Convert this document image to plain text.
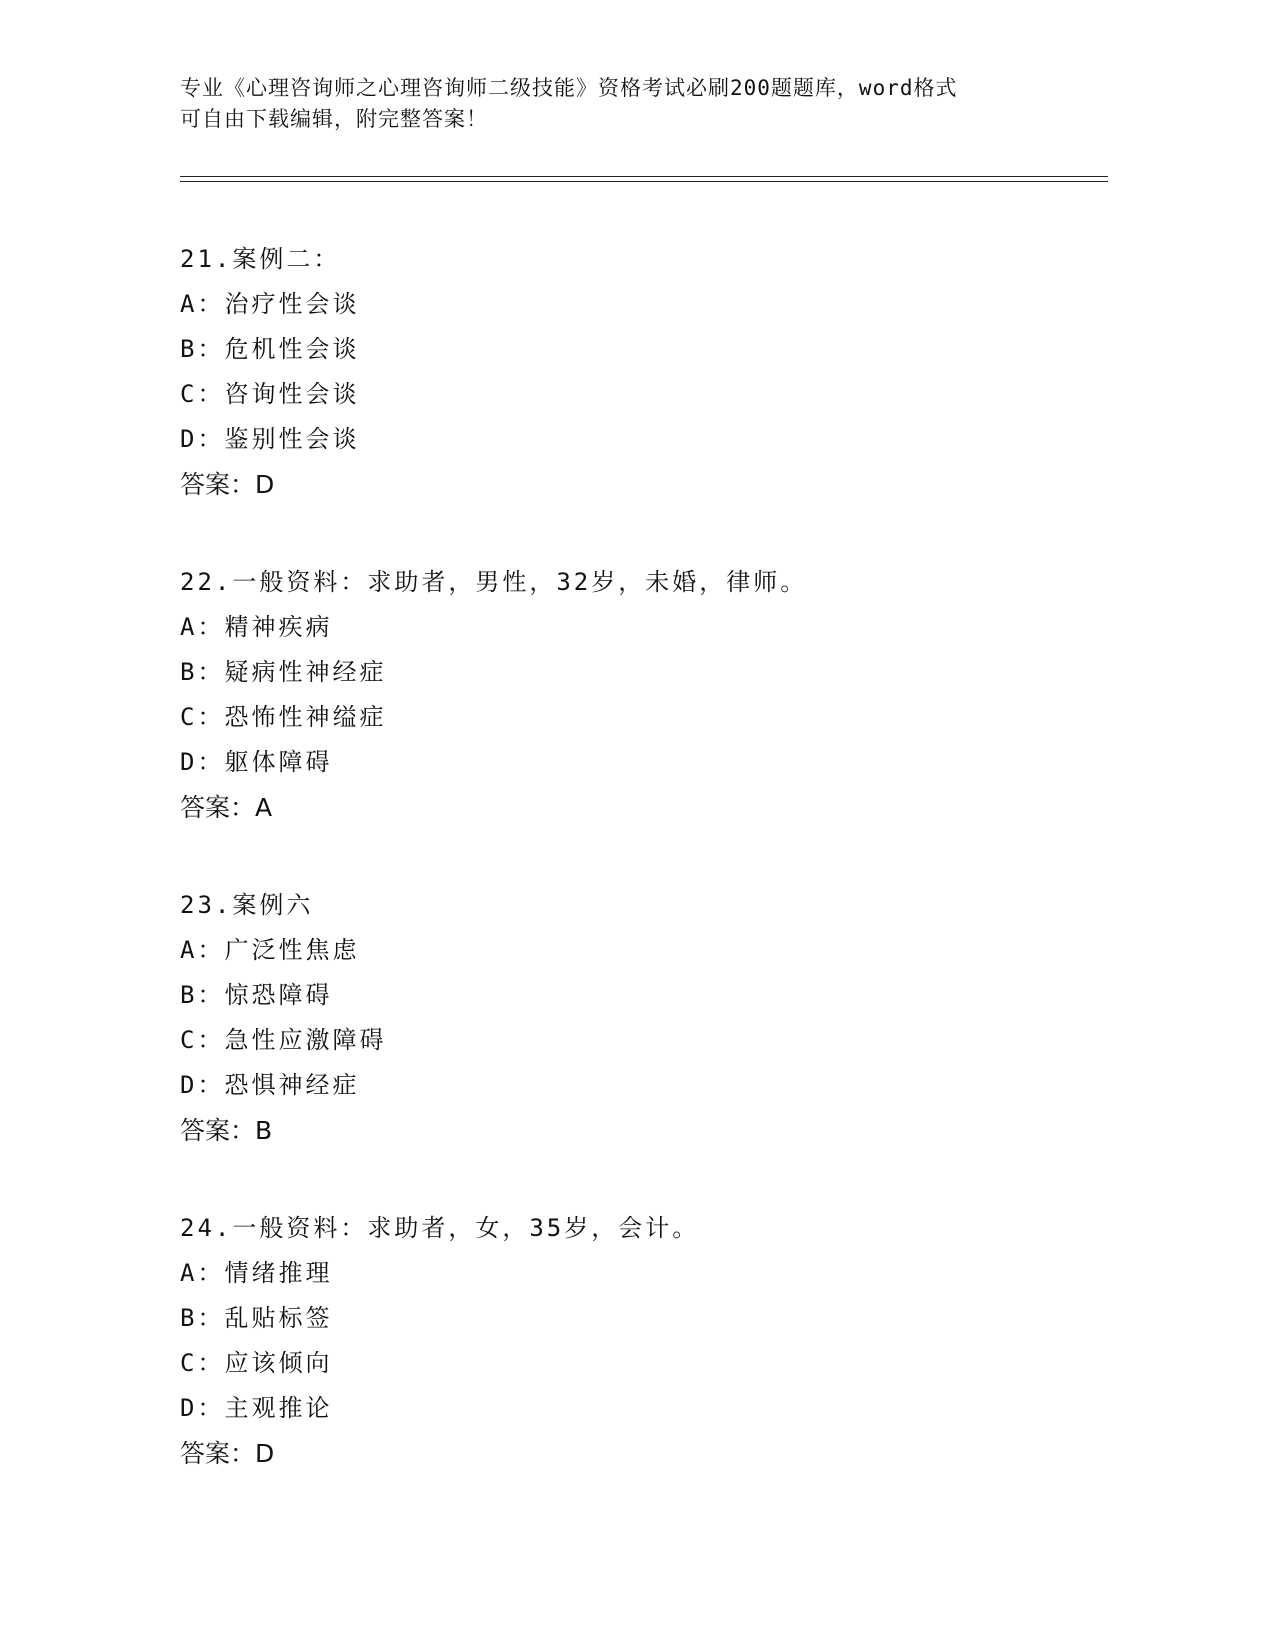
专业《心理咨询师之心理咨询师二级技能》资格考试必刷200题题库，word格式
可自由下载编辑，附完整答案！
21.案例二：
A：治疗性会谈
B：危机性会谈
C：咨询性会谈
D：鉴别性会谈
答案：D
22.一般资料：求助者，男性，32岁，未婚，律师。
A：精神疾病
B：疑病性神经症
C：恐怖性神缢症
D：躯体障碍
答案：A
23.案例六
A：广泛性焦虑
B：惊恐障碍
C：急性应激障碍
D：恐惧神经症
答案：B
24.一般资料：求助者，女，35岁，会计。
A：情绪推理
B：乱贴标签
C：应该倾向
D：主观推论
答案：D
